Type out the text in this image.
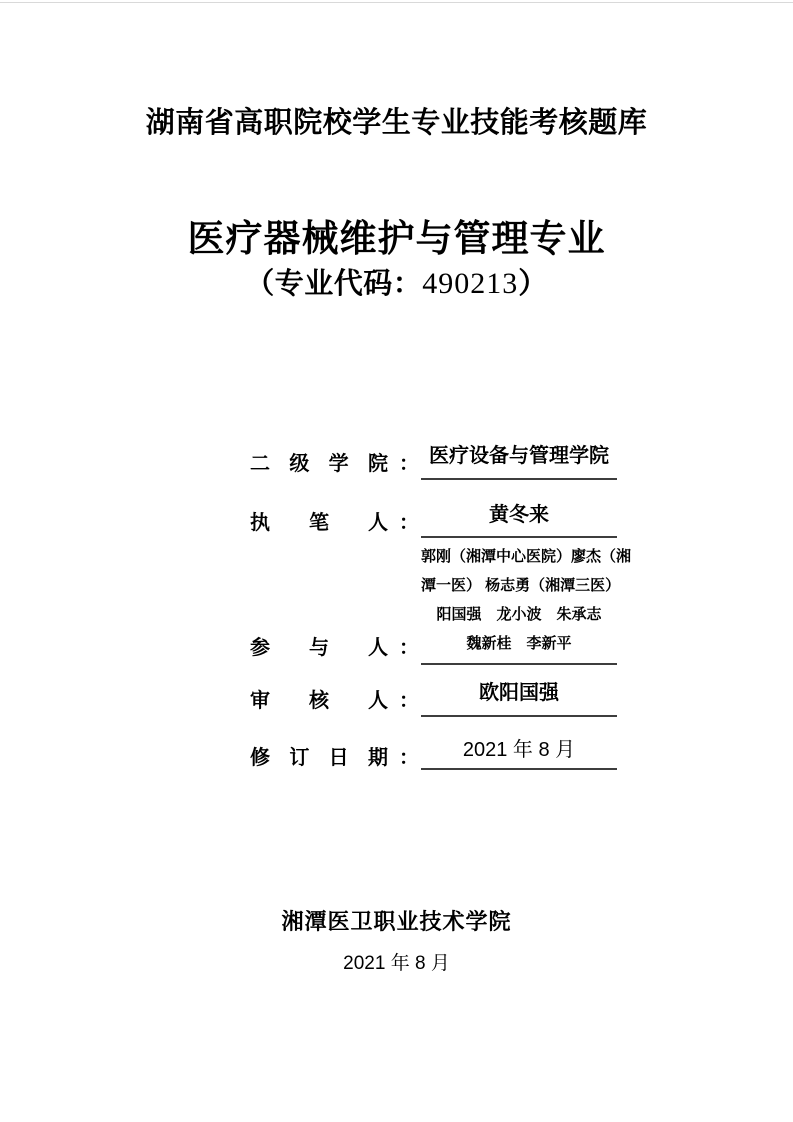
湖南省高职院校学生专业技能考核题库
医疗器械维护与管理专业
（专业代码：490213）
二级学院 ： 医疗设备与管理学院
执笔人 ：	黄冬来
参与人 ：
郭刚（湘潭中心医院）廖杰（湘
潭一医） 杨志勇（湘潭三医）
阳国强　龙小波　朱承志
魏新桂　李新平
审核人 ：	欧阳国强
修订日期 ：	2021 年 8 月
湘潭医卫职业技术学院
2021 年 8 月
